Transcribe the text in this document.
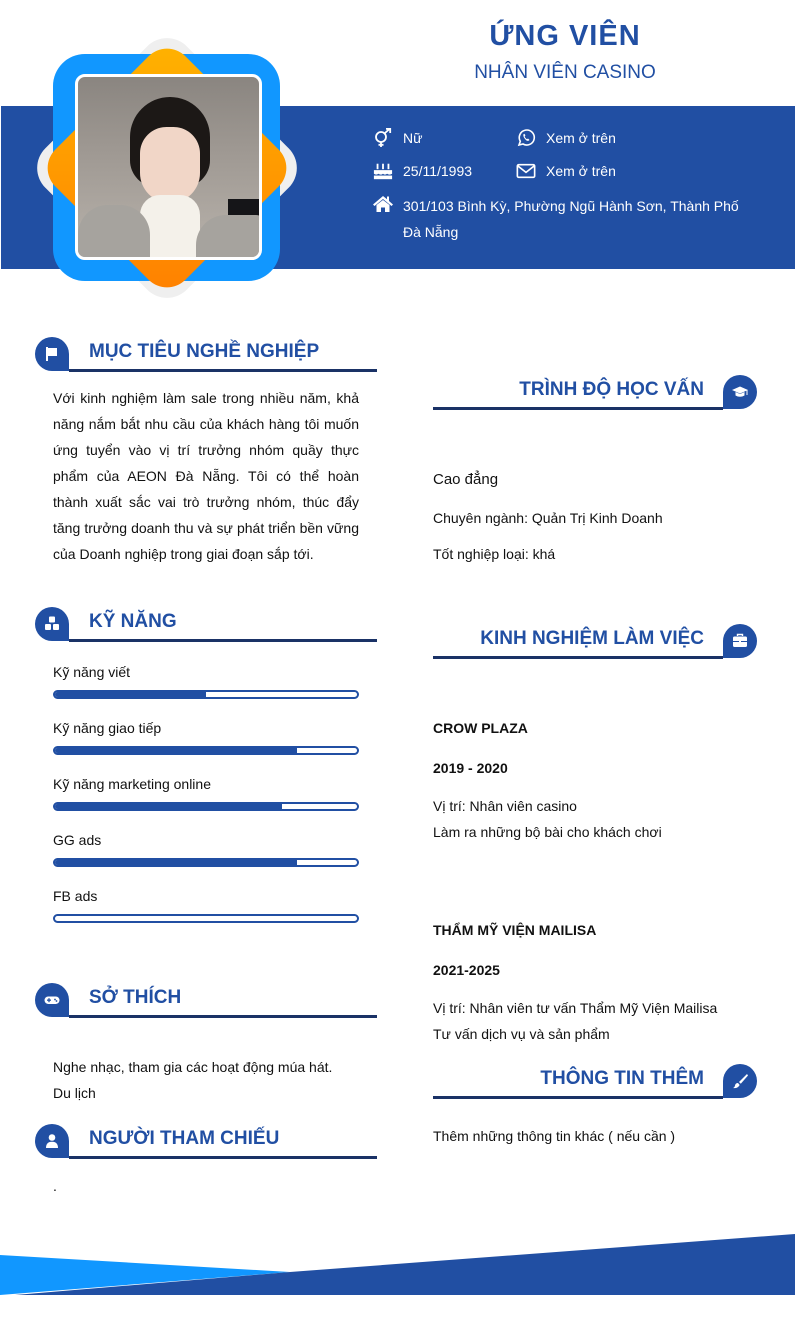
ỨNG VIÊN
NHÂN VIÊN CASINO
Nữ
25/11/1993
Xem ở trên
Xem ở trên
301/103 Bình Kỳ, Phường Ngũ Hành Sơn, Thành Phố Đà Nẵng
MỤC TIÊU NGHỀ NGHIỆP
Với kinh nghiệm làm sale trong nhiều năm, khả năng nắm bắt nhu cầu của khách hàng tôi muốn ứng tuyển vào vị trí trưởng nhóm quầy thực phẩm của AEON Đà Nẵng. Tôi có thể hoàn thành xuất sắc vai trò trưởng nhóm, thúc đẩy tăng trưởng doanh thu và sự phát triển bền vững của Doanh nghiệp trong giai đoạn sắp tới.
KỸ NĂNG
Kỹ năng viết
Kỹ năng giao tiếp
Kỹ năng marketing online
GG ads
FB ads
SỞ THÍCH
Nghe nhạc, tham gia các hoạt động múa hát.
Du lịch
NGƯỜI THAM CHIẾU
.
TRÌNH ĐỘ HỌC VẤN
Cao đẳng
Chuyên ngành: Quản Trị Kinh Doanh
Tốt nghiệp loại: khá
KINH NGHIỆM LÀM VIỆC
CROW PLAZA
2019 - 2020
Vị trí: Nhân viên casino
Làm ra những bộ bài cho khách chơi
THẨM MỸ VIỆN MAILISA
2021-2025
Vị trí: Nhân viên tư vấn Thẩm Mỹ Viện Mailisa
Tư vấn dịch vụ và sản phẩm
THÔNG TIN THÊM
Thêm những thông tin khác ( nếu cần )
